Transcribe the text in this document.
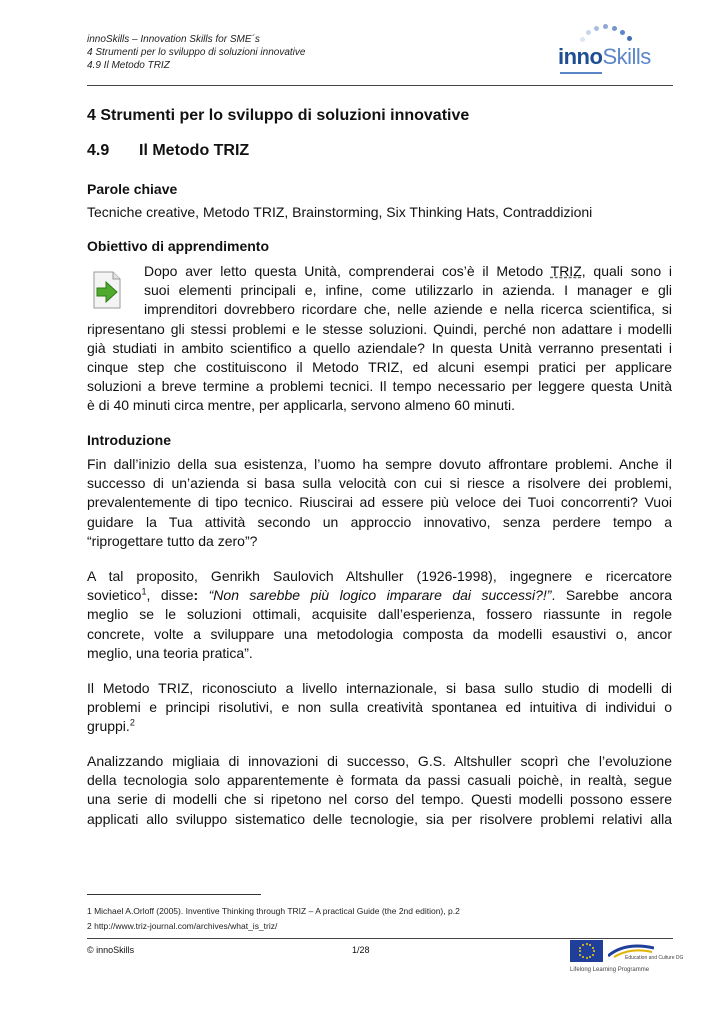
innoSkills – Innovation Skills for SME´s
4 Strumenti per lo sviluppo di soluzioni innovative
4.9 Il Metodo TRIZ	innoSkills
4 Strumenti per lo sviluppo di soluzioni innovative
4.9 Il Metodo TRIZ
Parole chiave
Tecniche creative, Metodo TRIZ, Brainstorming, Six Thinking Hats, Contraddizioni
Obiettivo di apprendimento
Dopo aver letto questa Unità, comprenderai cos’è il Metodo TRIZ, quali sono i
suoi elementi principali e, infine, come utilizzarlo in azienda. I manager e gli
imprenditori dovrebbero ricordare che, nelle aziende e nella ricerca scientifica, si
ripresentano gli stessi problemi e le stesse soluzioni. Quindi, perché non adattare i modelli
già studiati in ambito scientifico a quello aziendale? In questa Unità verranno presentati i
cinque step che costituiscono il Metodo TRIZ, ed alcuni esempi pratici per applicare
soluzioni a breve termine a problemi tecnici. Il tempo necessario per leggere questa Unità
è di 40 minuti circa mentre, per applicarla, servono almeno 60 minuti.
Introduzione
Fin dall’inizio della sua esistenza, l’uomo ha sempre dovuto affrontare problemi. Anche il
successo di un’azienda si basa sulla velocità con cui si riesce a risolvere dei problemi,
prevalentemente di tipo tecnico. Riuscirai ad essere più veloce dei Tuoi concorrenti? Vuoi
guidare la Tua attività secondo un approccio innovativo, senza perdere tempo a
“riprogettare tutto da zero”?
A tal proposito, Genrikh Saulovich Altshuller (1926-1998), ingegnere e ricercatore
sovietico$^1$, disse: “Non sarebbe più logico imparare dai successi?!”. Sarebbe ancora
meglio se le soluzioni ottimali, acquisite dall’esperienza, fossero riassunte in regole
concrete, volte a sviluppare una metodologia composta da modelli esaustivi o, ancor
meglio, una teoria pratica”.
Il Metodo TRIZ, riconosciuto a livello internazionale, si basa sullo studio di modelli di
problemi e principi risolutivi, e non sulla creatività spontanea ed intuitiva di individui o
gruppi.$^2$
Analizzando migliaia di innovazioni di successo, G.S. Altshuller scoprì che l’evoluzione
della tecnologia solo apparentemente è formata da passi casuali poichè, in realtà, segue
una serie di modelli che si ripetono nel corso del tempo. Questi modelli possono essere
applicati allo sviluppo sistematico delle tecnologie, sia per risolvere problemi relativi alla
1 Michael A.Orloff (2005). Inventive Thinking through TRIZ – A practical Guide (the 2nd edition), p.2
2 http://www.triz-journal.com/archives/what_is_triz/
© innoSkills	1/28
Education and Culture DG
Lifelong Learning Programme
